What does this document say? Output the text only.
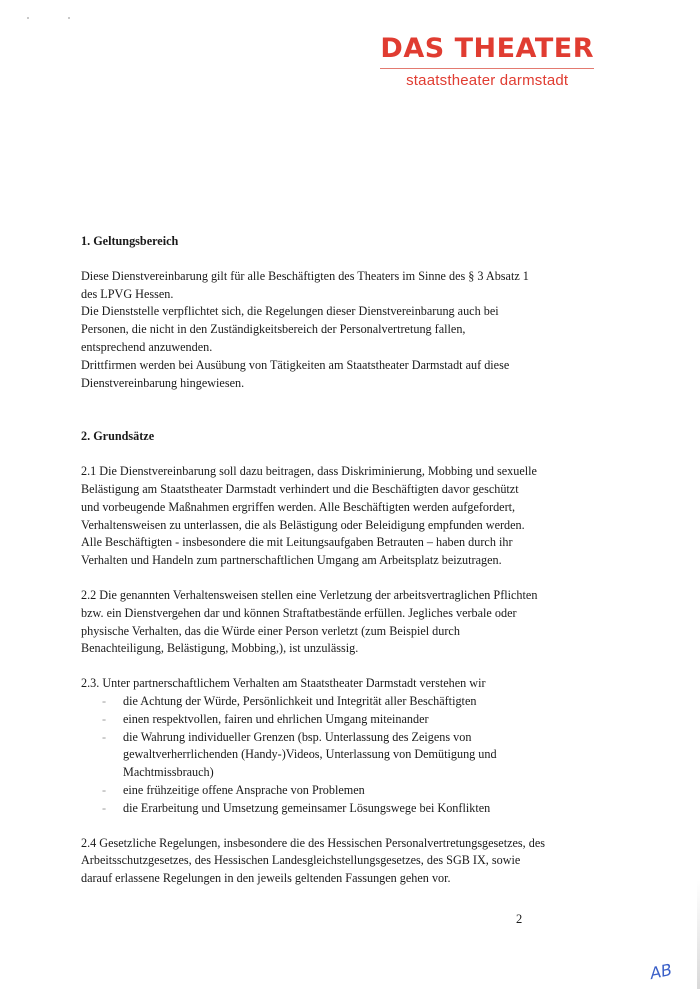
DAS THEATER
staatstheater darmstadt
1. Geltungsbereich

Diese Dienstvereinbarung gilt für alle Beschäftigten des Theaters im Sinne des § 3 Absatz 1

des LPVG Hessen.

Die Dienststelle verpflichtet sich, die Regelungen dieser Dienstvereinbarung auch bei

Personen, die nicht in den Zuständigkeitsbereich der Personalvertretung fallen,

entsprechend anzuwenden.

Drittfirmen werden bei Ausübung von Tätigkeiten am Staatstheater Darmstadt auf diese

Dienstvereinbarung hingewiesen.

2. Grundsätze

2.1 Die Dienstvereinbarung soll dazu beitragen, dass Diskriminierung, Mobbing und sexuelle

Belästigung am Staatstheater Darmstadt verhindert und die Beschäftigten davor geschützt

und vorbeugende Maßnahmen ergriffen werden. Alle Beschäftigten werden aufgefordert,

Verhaltensweisen zu unterlassen, die als Belästigung oder Beleidigung empfunden werden.

Alle Beschäftigten - insbesondere die mit Leitungsaufgaben Betrauten – haben durch ihr

Verhalten und Handeln zum partnerschaftlichen Umgang am Arbeitsplatz beizutragen.

2.2 Die genannten Verhaltensweisen stellen eine Verletzung der arbeitsvertraglichen Pflichten

bzw. ein Dienstvergehen dar und können Straftatbestände erfüllen. Jegliches verbale oder

physische Verhalten, das die Würde einer Person verletzt (zum Beispiel durch

Benachteiligung, Belästigung, Mobbing,), ist unzulässig.

2.3. Unter partnerschaftlichem Verhalten am Staatstheater Darmstadt verstehen wir

- die Achtung der Würde, Persönlichkeit und Integrität aller Beschäftigten
- einen respektvollen, fairen und ehrlichen Umgang miteinander
- die Wahrung individueller Grenzen (bsp. Unterlassung des Zeigens von
gewaltverherrlichenden (Handy-)Videos, Unterlassung von Demütigung und
Machtmissbrauch)
- eine frühzeitige offene Ansprache von Problemen
- die Erarbeitung und Umsetzung gemeinsamer Lösungswege bei Konflikten

2.4 Gesetzliche Regelungen, insbesondere die des Hessischen Personalvertretungsgesetzes, des

Arbeitsschutzgesetzes, des Hessischen Landesgleichstellungsgesetzes, des SGB IX, sowie

darauf erlassene Regelungen in den jeweils geltenden Fassungen gehen vor.

2
AB
